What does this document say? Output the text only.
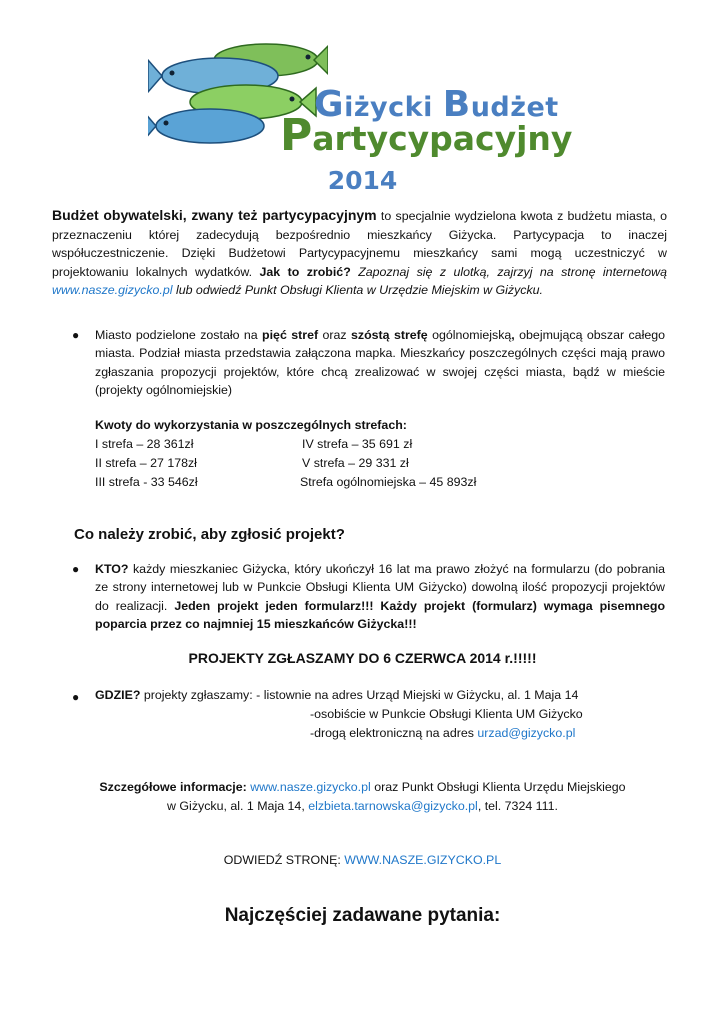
Giżycki Budżet
Partycypacyjny
2014
Budżet obywatelski, zwany też partycypacyjnym to specjalnie wydzielona kwota z budżetu miasta, o przeznaczeniu której zadecydują bezpośrednio mieszkańcy Giżycka. Partycypacja to inaczej współuczestniczenie. Dzięki Budżetowi Partycypacyjnemu mieszkańcy sami mogą uczestniczyć w projektowaniu lokalnych wydatków. Jak to zrobić? Zapoznaj się z ulotką, zajrzyj na stronę internetową www.nasze.gizycko.pl lub odwiedź Punkt Obsługi Klienta w Urzędzie Miejskim w Giżycku.
● Miasto podzielone zostało na pięć stref oraz szóstą strefę ogólnomiejską, obejmującą obszar całego miasta. Podział miasta przedstawia załączona mapka. Mieszkańcy poszczególnych części mają prawo zgłaszania propozycji projektów, które chcą zrealizować w swojej części miasta, bądź w mieście (projekty ogólnomiejskie)
Kwoty do wykorzystania w poszczególnych strefach:
I strefa – 28 361zł
II strefa – 27 178zł
III strefa - 33 546zł
IV strefa – 35 691 zł
V strefa – 29 331 zł
Strefa ogólnomiejska – 45 893zł
Co należy zrobić, aby zgłosić projekt?
● KTO? każdy mieszkaniec Giżycka, który ukończył 16 lat ma prawo złożyć na formularzu (do pobrania ze strony internetowej lub w Punkcie Obsługi Klienta UM Giżycko) dowolną ilość propozycji projektów do realizacji. Jeden projekt jeden formularz!!! Każdy projekt (formularz) wymaga pisemnego poparcia przez co najmniej 15 mieszkańców Giżycka!!!
PROJEKTY ZGŁASZAMY DO 6 CZERWCA 2014 r.!!!!!
● GDZIE? projekty zgłaszamy: - listownie na adres Urząd Miejski w Giżycku, al. 1 Maja 14
-osobiście w Punkcie Obsługi Klienta UM Giżycko
-drogą elektroniczną na adres urzad@gizycko.pl
Szczegółowe informacje: www.nasze.gizycko.pl oraz Punkt Obsługi Klienta Urzędu Miejskiego
w Giżycku, al. 1 Maja 14, elzbieta.tarnowska@gizycko.pl, tel. 7324 111.
ODWIEDŹ STRONĘ: WWW.NASZE.GIZYCKO.PL
Najczęściej zadawane pytania:
